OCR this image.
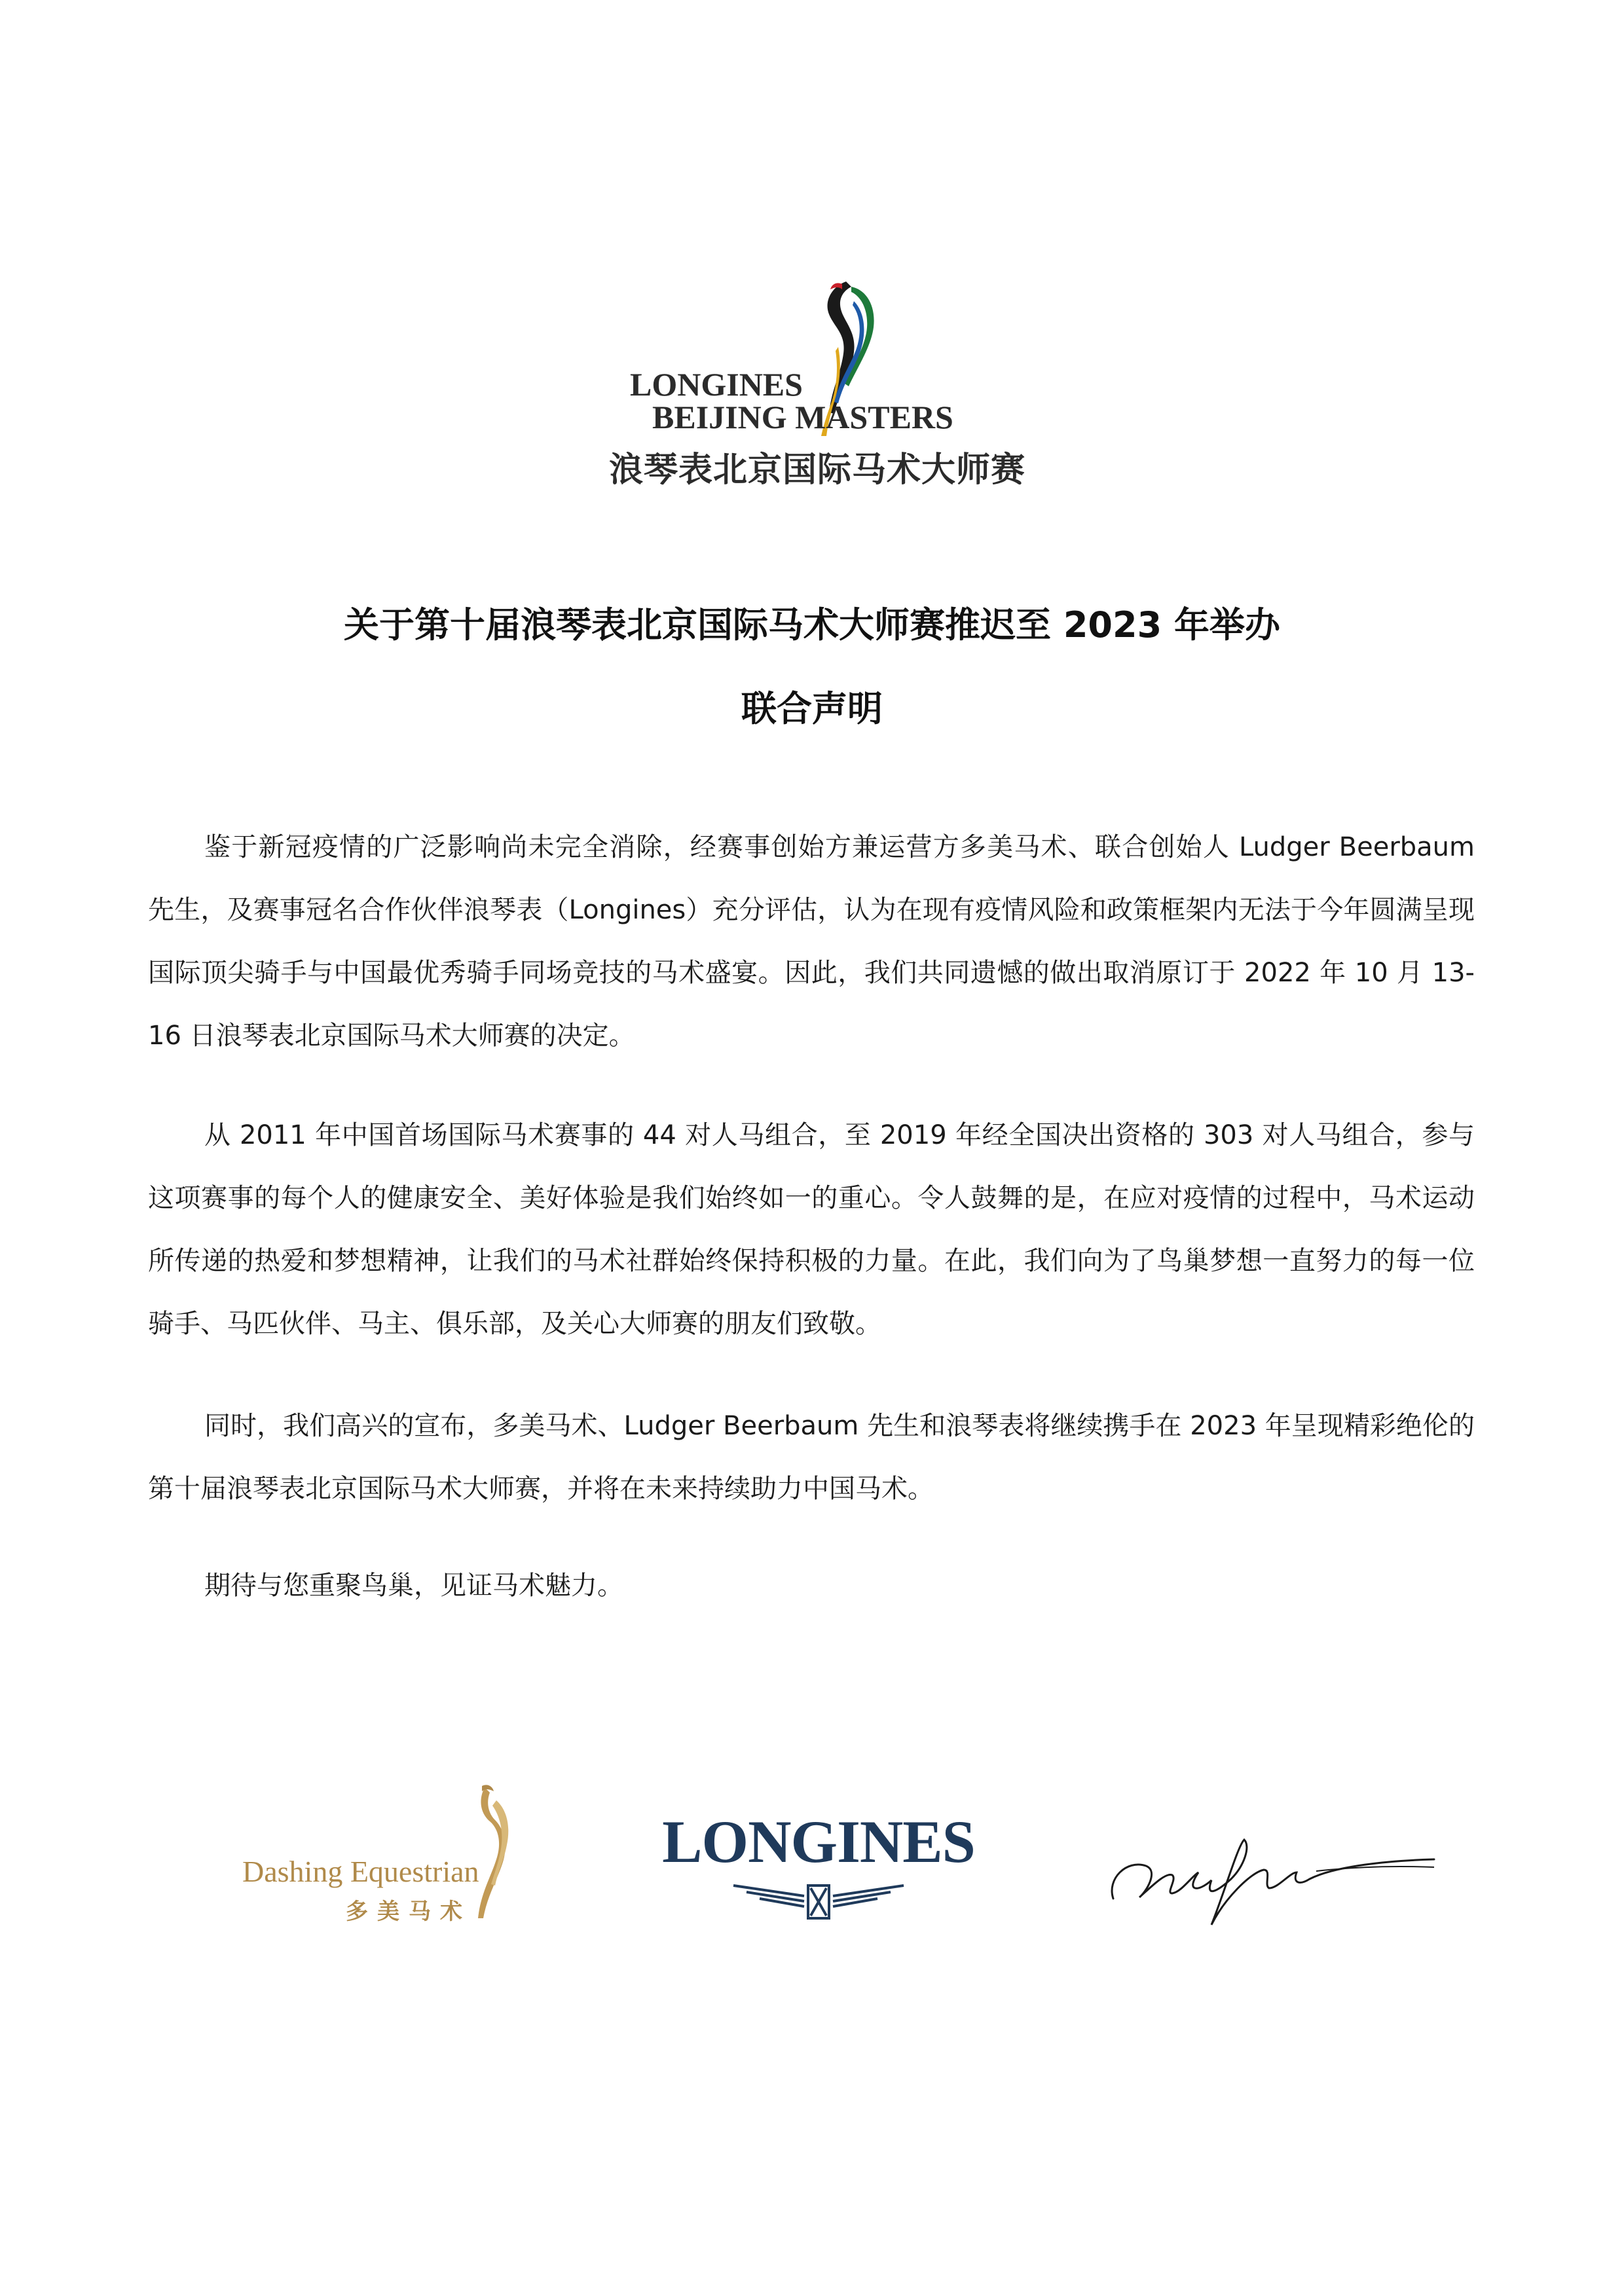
LONGINES
BEIJING MASTERS
浪琴表北京国际马术大师赛
关于第十届浪琴表北京国际马术大师赛推迟至 2023 年举办
联合声明

鉴于新冠疫情的广泛影响尚未完全消除，经赛事创始方兼运营方多美马术、联合创始人 Ludger Beerbaum 先生，及赛事冠名合作伙伴浪琴表（Longines）充分评估，认为在现有疫情风险和政策框架内无法于今年圆满呈现国际顶尖骑手与中国最优秀骑手同场竞技的马术盛宴。因此，我们共同遗憾的做出取消原订于 2022 年 10 月 13-16 日浪琴表北京国际马术大师赛的决定。

从 2011 年中国首场国际马术赛事的 44 对人马组合，至 2019 年经全国决出资格的 303 对人马组合，参与这项赛事的每个人的健康安全、美好体验是我们始终如一的重心。令人鼓舞的是，在应对疫情的过程中，马术运动所传递的热爱和梦想精神，让我们的马术社群始终保持积极的力量。在此，我们向为了鸟巢梦想一直努力的每一位骑手、马匹伙伴、马主、俱乐部，及关心大师赛的朋友们致敬。

同时，我们高兴的宣布，多美马术、Ludger Beerbaum 先生和浪琴表将继续携手在 2023 年呈现精彩绝伦的第十届浪琴表北京国际马术大师赛，并将在未来持续助力中国马术。

期待与您重聚鸟巢，见证马术魅力。

Dashing Equestrian
多美马术
LONGINES
